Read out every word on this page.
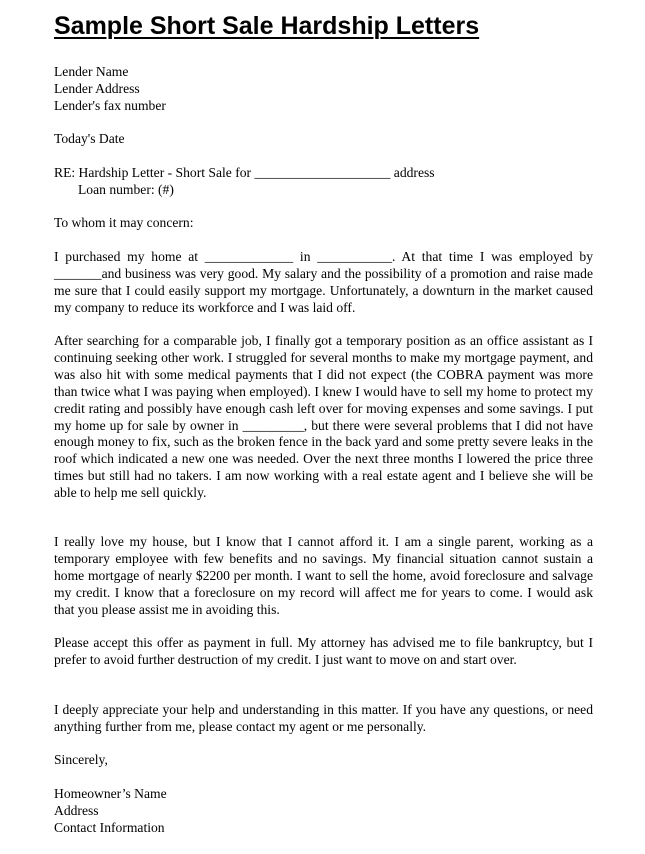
Sample Short Sale Hardship Letters

Lender Name

Lender Address

Lender's fax number

Today's Date

RE: Hardship Letter - Short Sale for ____________________ address

Loan number: (#)

To whom it may concern:

I purchased my home at _____________ in ___________. At that time I was employed by _______and business was very good. My salary and the possibility of a promotion and raise made me sure that I could easily support my mortgage. Unfortunately, a downturn in the market caused my company to reduce its workforce and I was laid off.

After searching for a comparable job, I finally got a temporary position as an office assistant as I continuing seeking other work. I struggled for several months to make my mortgage payment, and was also hit with some medical payments that I did not expect (the COBRA payment was more than twice what I was paying when employed). I knew I would have to sell my home to protect my credit rating and possibly have enough cash left over for moving expenses and some savings. I put my home up for sale by owner in _________, but there were several problems that I did not have enough money to fix, such as the broken fence in the back yard and some pretty severe leaks in the roof which indicated a new one was needed. Over the next three months I lowered the price three times but still had no takers. I am now working with a real estate agent and I believe she will be able to help me sell quickly.

I really love my house, but I know that I cannot afford it. I am a single parent, working as a temporary employee with few benefits and no savings. My financial situation cannot sustain a home mortgage of nearly $2200 per month. I want to sell the home, avoid foreclosure and salvage my credit. I know that a foreclosure on my record will affect me for years to come. I would ask that you please assist me in avoiding this.

Please accept this offer as payment in full. My attorney has advised me to file bankruptcy, but I prefer to avoid further destruction of my credit. I just want to move on and start over.

I deeply appreciate your help and understanding in this matter. If you have any questions, or need anything further from me, please contact my agent or me personally.

Sincerely,

Homeowner’s Name

Address

Contact Information
